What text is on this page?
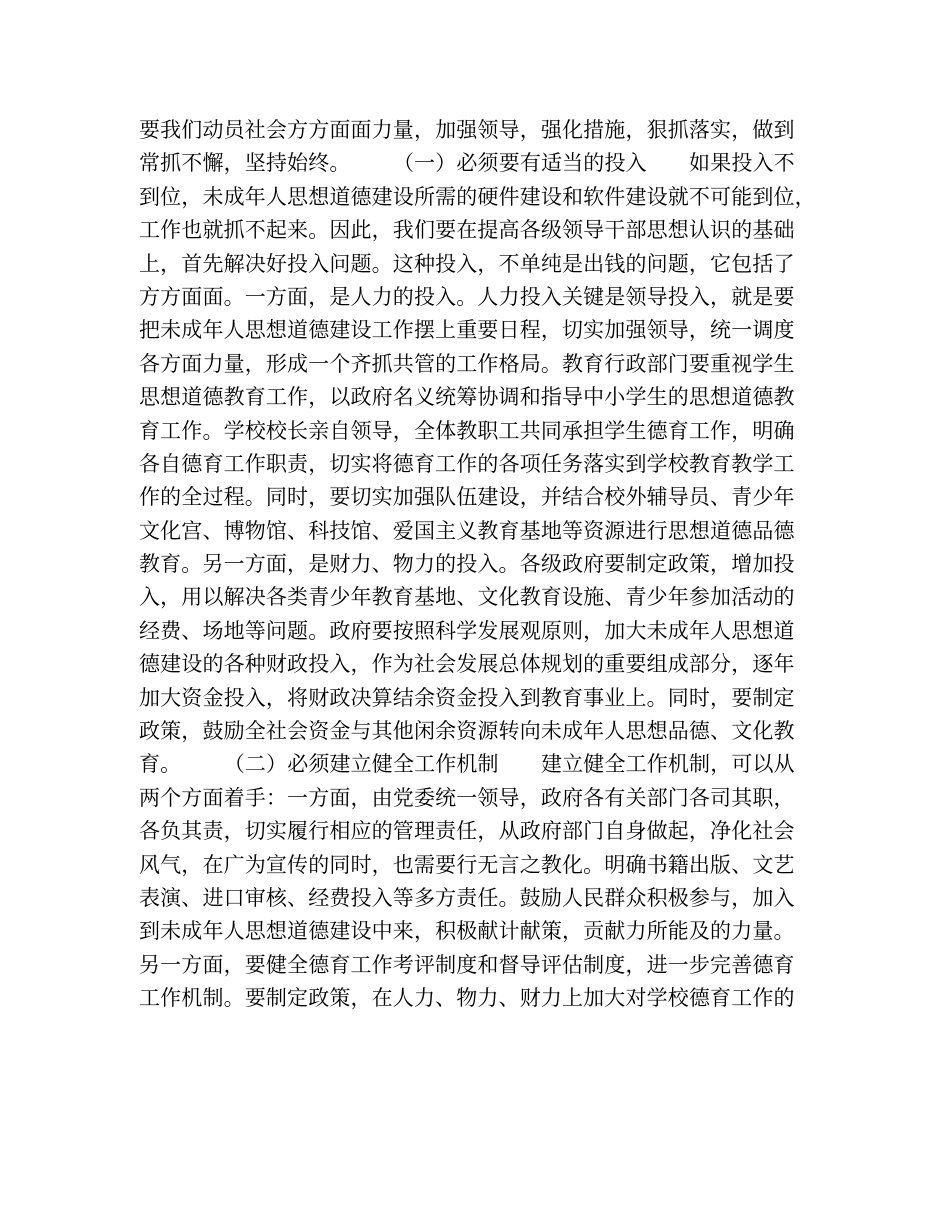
要我们动员社会方方面面力量，加强领导，强化措施，狠抓落实，做到
常抓不懈，坚持始终。　　　（一）必须要有适当的投入　　如果投入不
到位，未成年人思想道德建设所需的硬件建设和软件建设就不可能到位，
工作也就抓不起来。因此，我们要在提高各级领导干部思想认识的基础
上，首先解决好投入问题。这种投入，不单纯是出钱的问题，它包括了
方方面面。一方面，是人力的投入。人力投入关键是领导投入，就是要
把未成年人思想道德建设工作摆上重要日程，切实加强领导，统一调度
各方面力量，形成一个齐抓共管的工作格局。教育行政部门要重视学生
思想道德教育工作，以政府名义统筹协调和指导中小学生的思想道德教
育工作。学校校长亲自领导，全体教职工共同承担学生德育工作，明确
各自德育工作职责，切实将德育工作的各项任务落实到学校教育教学工
作的全过程。同时，要切实加强队伍建设，并结合校外辅导员、青少年
文化宫、博物馆、科技馆、爱国主义教育基地等资源进行思想道德品德
教育。另一方面，是财力、物力的投入。各级政府要制定政策，增加投
入，用以解决各类青少年教育基地、文化教育设施、青少年参加活动的
经费、场地等问题。政府要按照科学发展观原则，加大未成年人思想道
德建设的各种财政投入，作为社会发展总体规划的重要组成部分，逐年
加大资金投入，将财政决算结余资金投入到教育事业上。同时，要制定
政策，鼓励全社会资金与其他闲余资源转向未成年人思想品德、文化教
育。　　　（二）必须建立健全工作机制　　建立健全工作机制，可以从
两个方面着手：一方面，由党委统一领导，政府各有关部门各司其职，
各负其责，切实履行相应的管理责任，从政府部门自身做起，净化社会
风气，在广为宣传的同时，也需要行无言之教化。明确书籍出版、文艺
表演、进口审核、经费投入等多方责任。鼓励人民群众积极参与，加入
到未成年人思想道德建设中来，积极献计献策，贡献力所能及的力量。
另一方面，要健全德育工作考评制度和督导评估制度，进一步完善德育
工作机制。要制定政策，在人力、物力、财力上加大对学校德育工作的
